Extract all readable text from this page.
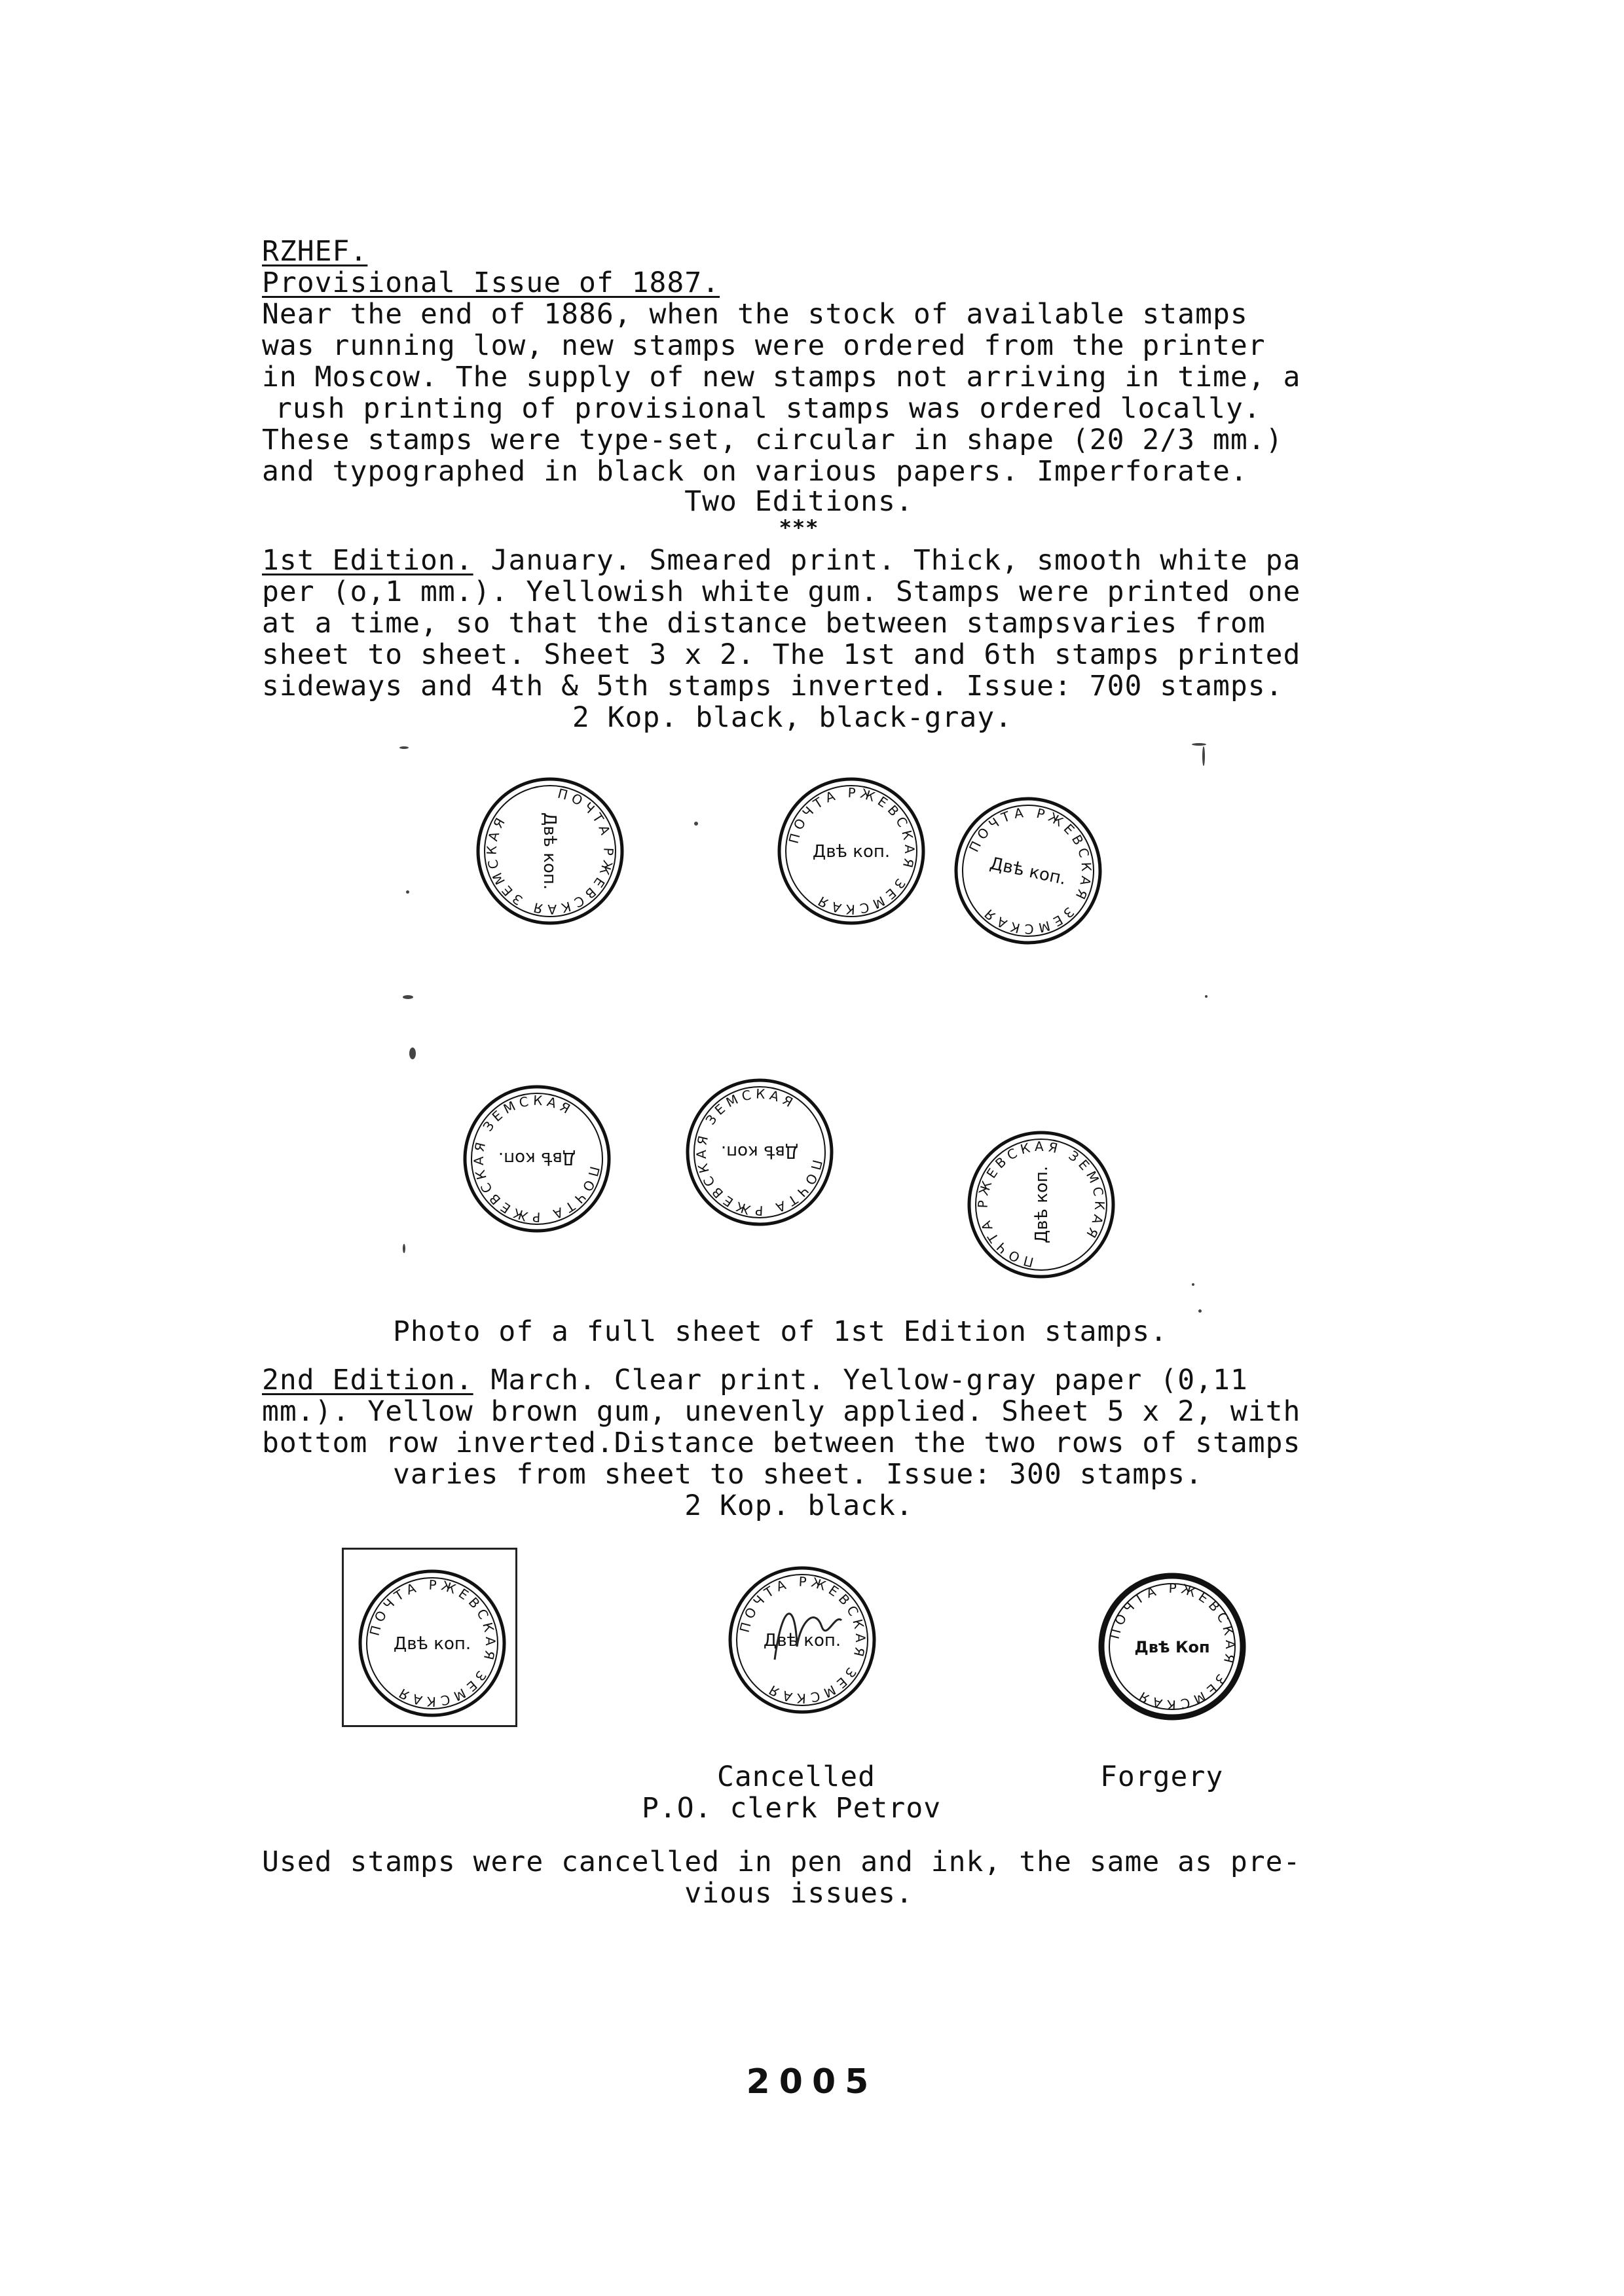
RZHEF.
Provisional Issue of 1887.
Near the end of 1886, when the stock of available stamps
was running low, new stamps were ordered from the printer
in Moscow. The supply of new stamps not arriving in time, a
rush printing of provisional stamps was ordered locally.
These stamps were type-set, circular in shape (20 2/3 mm.)
and typographed in black on various papers. Imperforate.
Two Editions.
***
1st Edition. January. Smeared print. Thick, smooth white pa
per (o,1 mm.). Yellowish white gum. Stamps were printed one
at a time, so that the distance between stampsvaries from
sheet to sheet. Sheet 3 x 2. The 1st and 6th stamps printed
sideways and 4th & 5th stamps inverted. Issue: 700 stamps.
2 Kop. black, black-gray.
ПОЧТА РЖЕВСКАЯ ЗЕМСКАЯ	Двѣ коп.	ПОЧТА РЖЕВСКАЯ ЗЕМСКАЯ
Двѣ коп.	ПОЧТА РЖЕВСКАЯ ЗЕМСКАЯ
Двѣ коп.
ПОЧТА РЖЕВСКАЯ ЗЕМСКАЯ
Двѣ коп.	ПОЧТА РЖЕВСКАЯ ЗЕМСКАЯ
Двѣ коп.
ПОЧТА РЖЕВСКАЯ ЗЕМСКАЯ
Двѣ коп.
Photo of a full sheet of 1st Edition stamps.
2nd Edition. March. Clear print. Yellow-gray paper (0,11
mm.). Yellow brown gum, unevenly applied. Sheet 5 x 2, with
bottom row inverted.Distance between the two rows of stamps
varies from sheet to sheet. Issue: 300 stamps.
2 Kop. black.
ПОЧТА РЖЕВСКАЯ ЗЕМСКАЯ
Двѣ коп.
ПОЧТА РЖЕВСКАЯ ЗЕМСКАЯ
Двѣ коп.	ПОЧТА РЖЕВСКАЯ ЗЕМСКАЯ
Двѣ Коп
Cancelled
P.O. clerk Petrov
Forgery
Used stamps were cancelled in pen and ink, the same as pre-
vious issues.
2005
